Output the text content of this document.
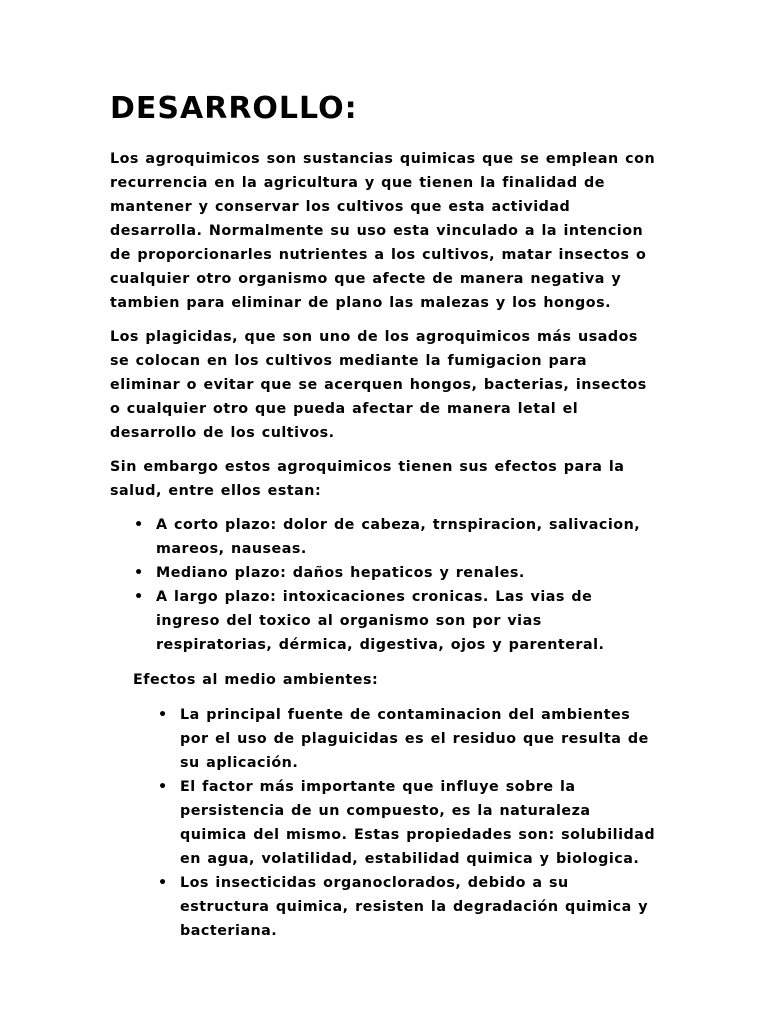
DESARROLLO:

Los agroquimicos son sustancias quimicas que se emplean con recurrencia en la agricultura y que tienen la finalidad de mantener y conservar los cultivos que esta actividad desarrolla. Normalmente su uso esta vinculado a la intencion de proporcionarles nutrientes a los cultivos, matar insectos o cualquier otro organismo que afecte de manera negativa y tambien para eliminar de plano las malezas y los hongos.

Los plagicidas, que son uno de los agroquimicos más usados se colocan en los cultivos mediante la fumigacion para eliminar o evitar que se acerquen hongos, bacterias, insectos o cualquier otro que pueda afectar de manera letal el desarrollo de los cultivos.

Sin embargo estos agroquimicos tienen sus efectos para la salud, entre ellos estan:

• A corto plazo: dolor de cabeza, trnspiracion, salivacion, mareos, nauseas.
• Mediano plazo: daños hepaticos y renales.
• A largo plazo: intoxicaciones cronicas. Las vias de ingreso del toxico al organismo son por vias respiratorias, dérmica, digestiva, ojos y parenteral.

Efectos al medio ambientes:

• La principal fuente de contaminacion del ambientes por el uso de plaguicidas es el residuo que resulta de su aplicación.
• El factor más importante que influye sobre la persistencia de un compuesto, es la naturaleza quimica del mismo. Estas propiedades son: solubilidad en agua, volatilidad, estabilidad quimica y biologica.
• Los insecticidas organoclorados, debido a su estructura quimica, resisten la degradación quimica y bacteriana.
